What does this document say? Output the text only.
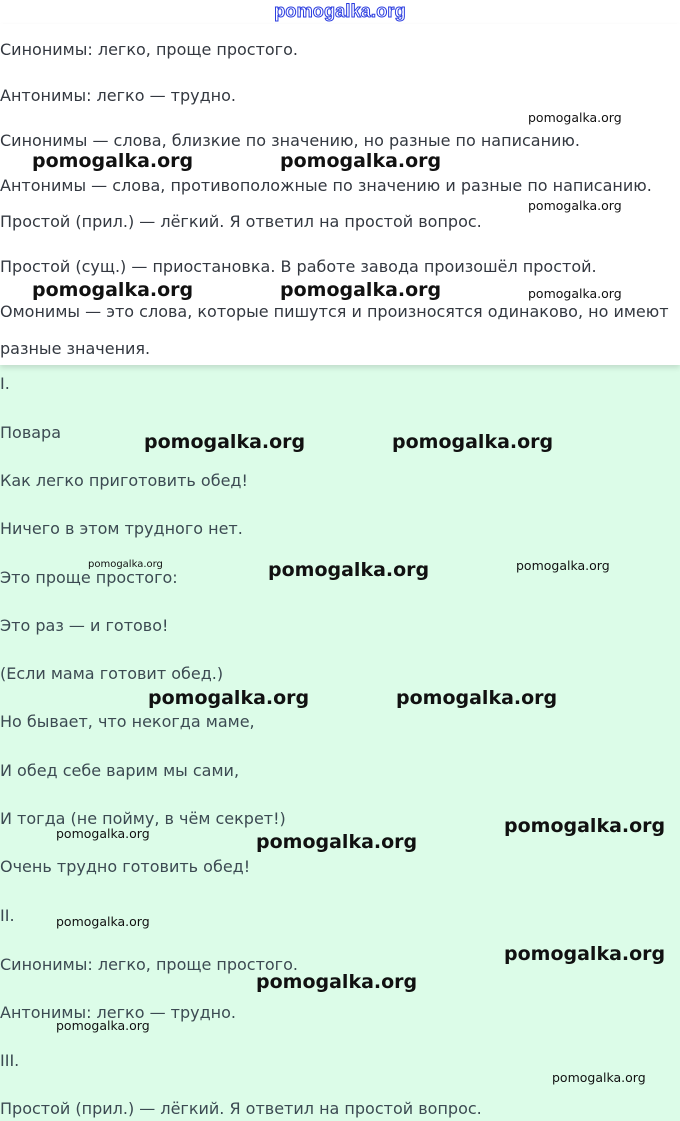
pomogalka.org

Синонимы: легко, проще простого.

Антонимы: легко — трудно.

Синонимы — слова, близкие по значению, но разные по написанию.

Антонимы — слова, противоположные по значению и разные по написанию.

Простой (прил.) — лёгкий. Я ответил на простой вопрос.

Простой (сущ.) — приостановка. В работе завода произошёл простой.

Омонимы — это слова, которые пишутся и произносятся одинаково, но имеют

разные значения.

I.

Повара

Как легко приготовить обед!

Ничего в этом трудного нет.

Это проще простого:

Это раз — и готово!

(Если мама готовит обед.)

Но бывает, что некогда маме,

И обед себе варим мы сами,

И тогда (не пойму, в чём секрет!)

Очень трудно готовить обед!

II.

Синонимы: легко, проще простого.

Антонимы: легко — трудно.

III.

Простой (прил.) — лёгкий. Я ответил на простой вопрос.

pomogalka.org	pomogalka.org
pomogalka.org
pomogalka.org
pomogalka.org	pomogalka.org	pomogalka.org
pomogalka.org	pomogalka.org
pomogalka.org	pomogalka.org	pomogalka.org
pomogalka.org	pomogalka.org
pomogalka.org	pomogalka.org
pomogalka.org
pomogalka.org
pomogalka.org
pomogalka.org
pomogalka.org
pomogalka.org
